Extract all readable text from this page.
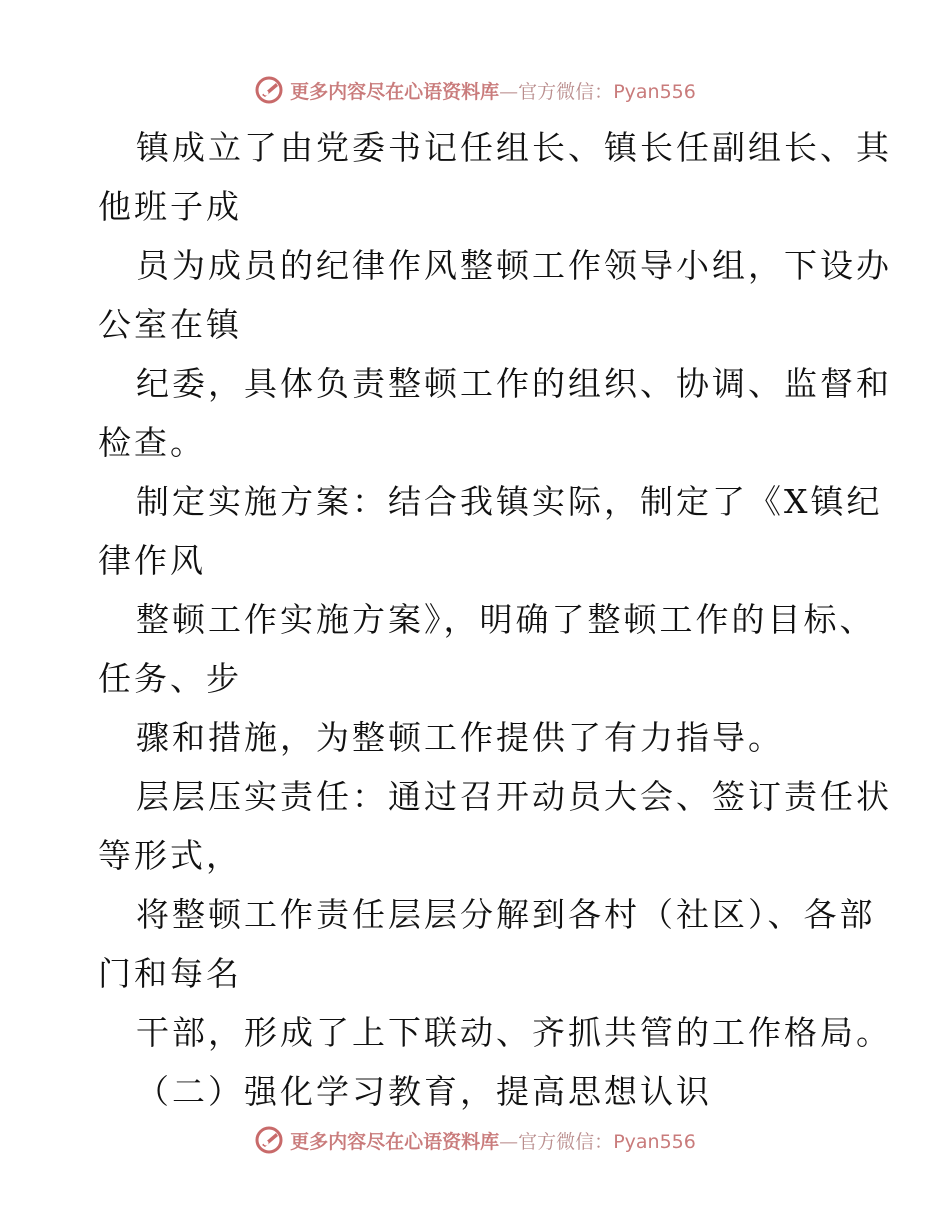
更多内容尽在心语资料库—官方微信：Pyan556
镇成立了由党委书记任组长、镇长任副组长、其
他班子成
员为成员的纪律作风整顿工作领导小组，下设办
公室在镇
纪委，具体负责整顿工作的组织、协调、监督和
检查。
制定实施方案：结合我镇实际，制定了《X镇纪
律作风
整顿工作实施方案》，明确了整顿工作的目标、
任务、步
骤和措施，为整顿工作提供了有力指导。
层层压实责任：通过召开动员大会、签订责任状
等形式，
将整顿工作责任层层分解到各村（社区）、各部
门和每名
干部，形成了上下联动、齐抓共管的工作格局。
（二）强化学习教育，提高思想认识
更多内容尽在心语资料库—官方微信：Pyan556
